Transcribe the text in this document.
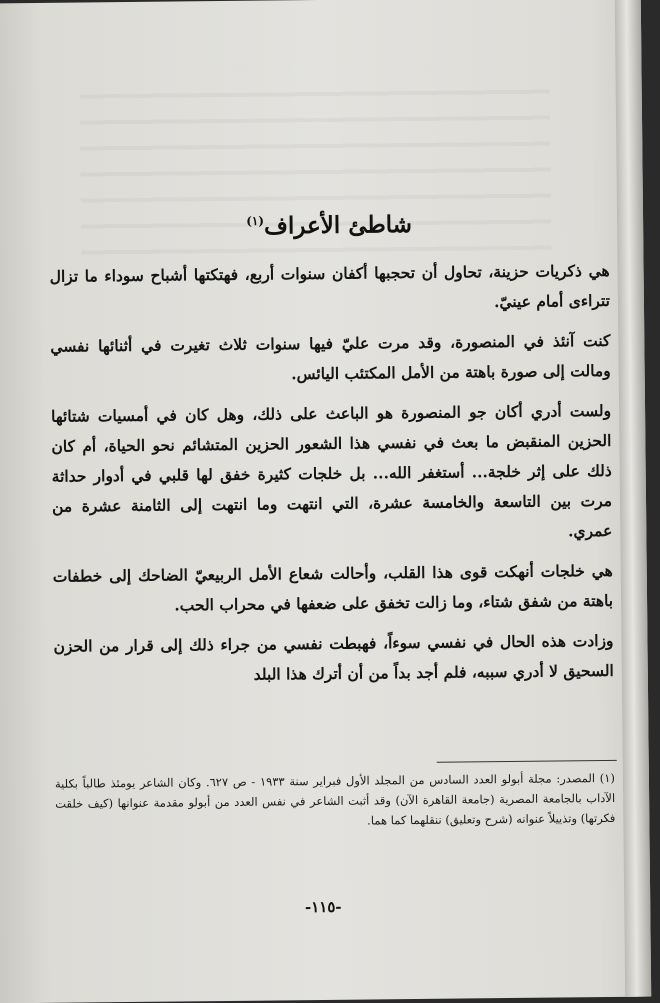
شاطئ الأعراف$^{(١)}$

هي ذكريات حزينة، تحاول أن تحجبها أكفان سنوات أربع، فهتكتها أشباح سوداء ما تزال تتراءى أمام عينيّ.

كنت آنئذ في المنصورة، وقد مرت عليّ فيها سنوات ثلاث تغيرت في أثنائها نفسي ومالت إلى صورة باهتة من الأمل المكتئب اليائس.

ولست أدري أكان جو المنصورة هو الباعث على ذلك، وهل كان في أمسيات شتائها الحزين المنقبض ما بعث في نفسي هذا الشعور الحزين المتشائم نحو الحياة، أم كان ذلك على إثر خلجة... أستغفر الله... بل خلجات كثيرة خفق لها قلبي في أدوار حداثة مرت بين التاسعة والخامسة عشرة، التي انتهت وما انتهت إلى الثامنة عشرة من عمري.

هي خلجات أنهكت قوى هذا القلب، وأحالت شعاع الأمل الربيعيّ الضاحك إلى خطفات باهتة من شفق شتاء، وما زالت تخفق على ضعفها في محراب الحب.

وزادت هذه الحال في نفسي سوءاً، فهبطت نفسي من جراء ذلك إلى قرار من الحزن السحيق لا أدري سببه، فلم أجد بداً من أن أترك هذا البلد

(١) المصدر: مجلة أبولو العدد السادس من المجلد الأول فبراير سنة ١٩٣٣ - ص ٦٢٧. وكان الشاعر يومئذ طالباً بكلية الآداب بالجامعة المصرية (جامعة القاهرة الآن) وقد أثبت الشاعر في نفس العدد من أبولو مقدمة عنوانها (كيف خلقت فكرتها) وتذييلاً عنوانه (شرح وتعليق) ننقلهما كما هما.
-١١٥-
